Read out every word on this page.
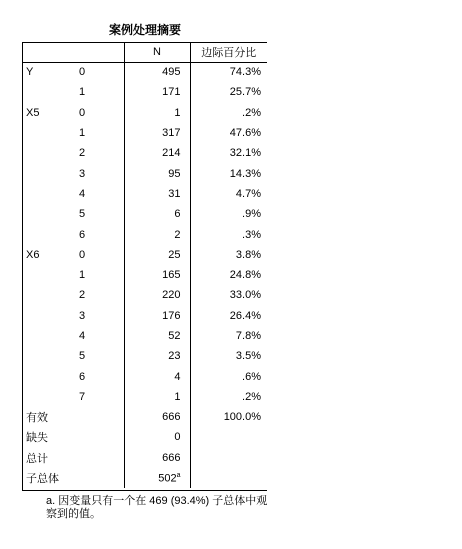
案例处理摘要
		N	边际百分比
Y	0	495	74.3%
	1	171	25.7%
X5	0	1	.2%
	1	317	47.6%
	2	214	32.1%
	3	95	14.3%
	4	31	4.7%
	5	6	.9%
	6	2	.3%
X6	0	25	3.8%
	1	165	24.8%
	2	220	33.0%
	3	176	26.4%
	4	52	7.8%
	5	23	3.5%
	6	4	.6%
	7	1	.2%
有效		666	100.0%
缺失		0	
总计		666	
子总体		502$^a$	
a. 因变量只有一个在 469 (93.4%) 子总体中观察到的值。
